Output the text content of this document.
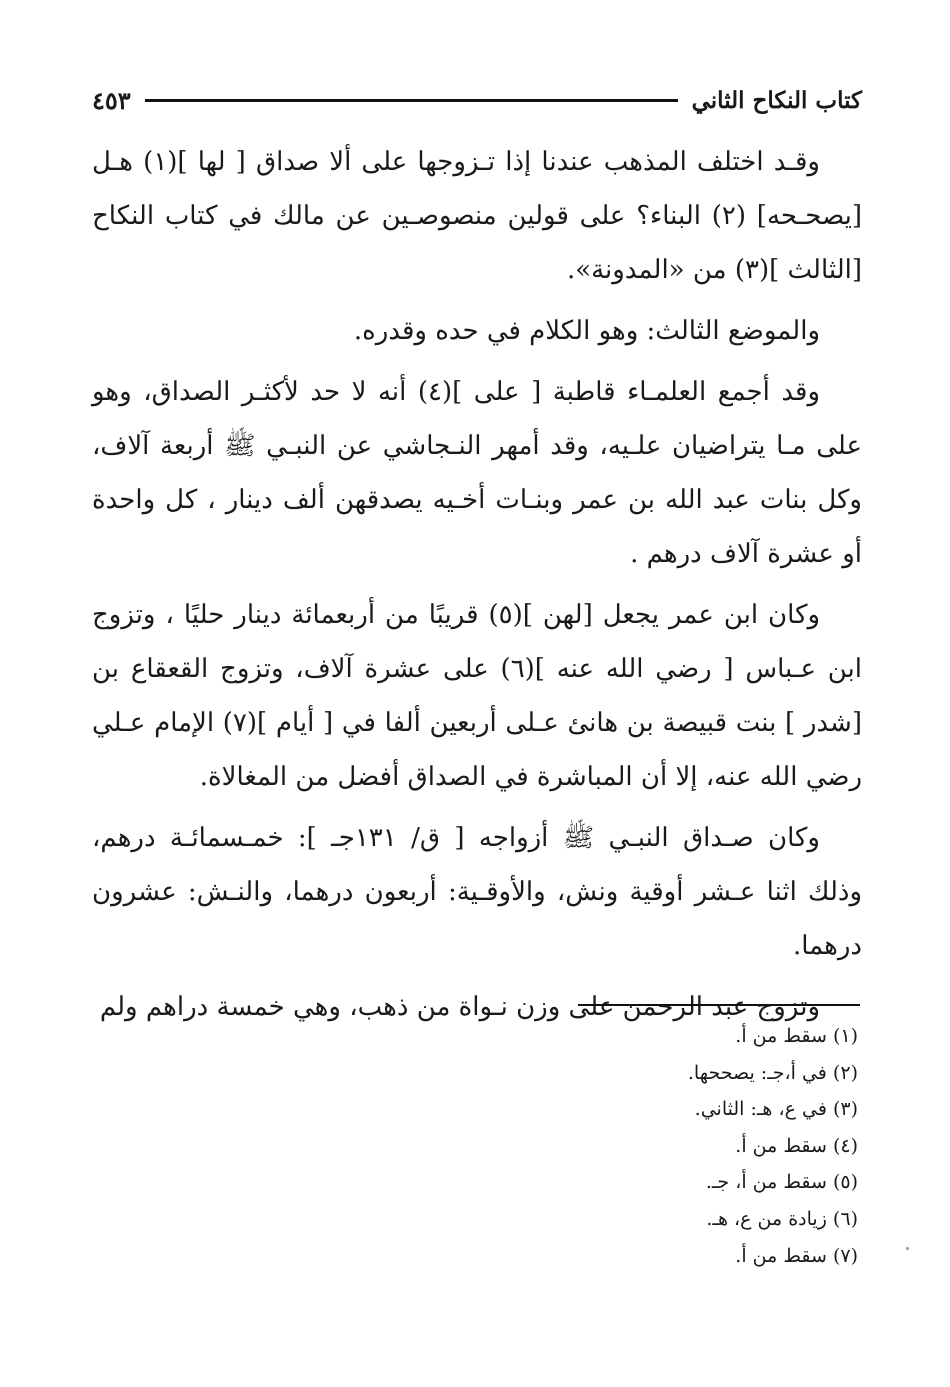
كتاب النكاح الثاني
٤٥٣

وقـد اختلف المذهب عندنا إذا تـزوجها على ألا صداق [ لها ](١) هـل [يصحـحه] (٢) البناء؟ على قولين منصوصـين عن مالك في كتاب النكاح [الثالث ](٣) من «المدونة».

والموضع الثالث: وهو الكلام في حده وقدره.

وقد أجمع العلمـاء قاطبة [ على ](٤) أنه لا حد لأكثـر الصداق، وهو على مـا يتراضيان علـيه، وقد أمهر النـجاشي عن النبـي ﷺ أربعة آلاف، وكل بنات عبد الله بن عمر وبنـات أخـيه يصدقهن ألف دينار ، كل واحدة أو عشرة آلاف درهم .

وكان ابن عمر يجعل [لهن ](٥) قريبًا من أربعمائة دينار حليًا ، وتزوج ابن عـباس [ رضي الله عنه ](٦) على عشرة آلاف، وتزوج القعقاع بن [شدر ] بنت قبيصة بن هانئ عـلى أربعين ألفا في [ أيام ](٧) الإمام عـلي رضي الله عنه، إلا أن المباشرة في الصداق أفضل من المغالاة.

وكان صـداق النبـي ﷺ أزواجه [ ق/ ١٣١جـ ]: خمـسمائـة درهم، وذلك اثنا عـشر أوقية ونش، والأوقـية: أربعون درهما، والنـش: عشرون درهما.

وتزوج عبد الرحمن على وزن نـواة من ذهب، وهي خمسة دراهم ولم

(١) سقط من أ.
(٢) في أ،جـ: يصححها.
(٣) في ع، هـ: الثاني.
(٤) سقط من أ.
(٥) سقط من أ، جـ.
(٦) زيادة من ع، هـ.
(٧) سقط من أ.
